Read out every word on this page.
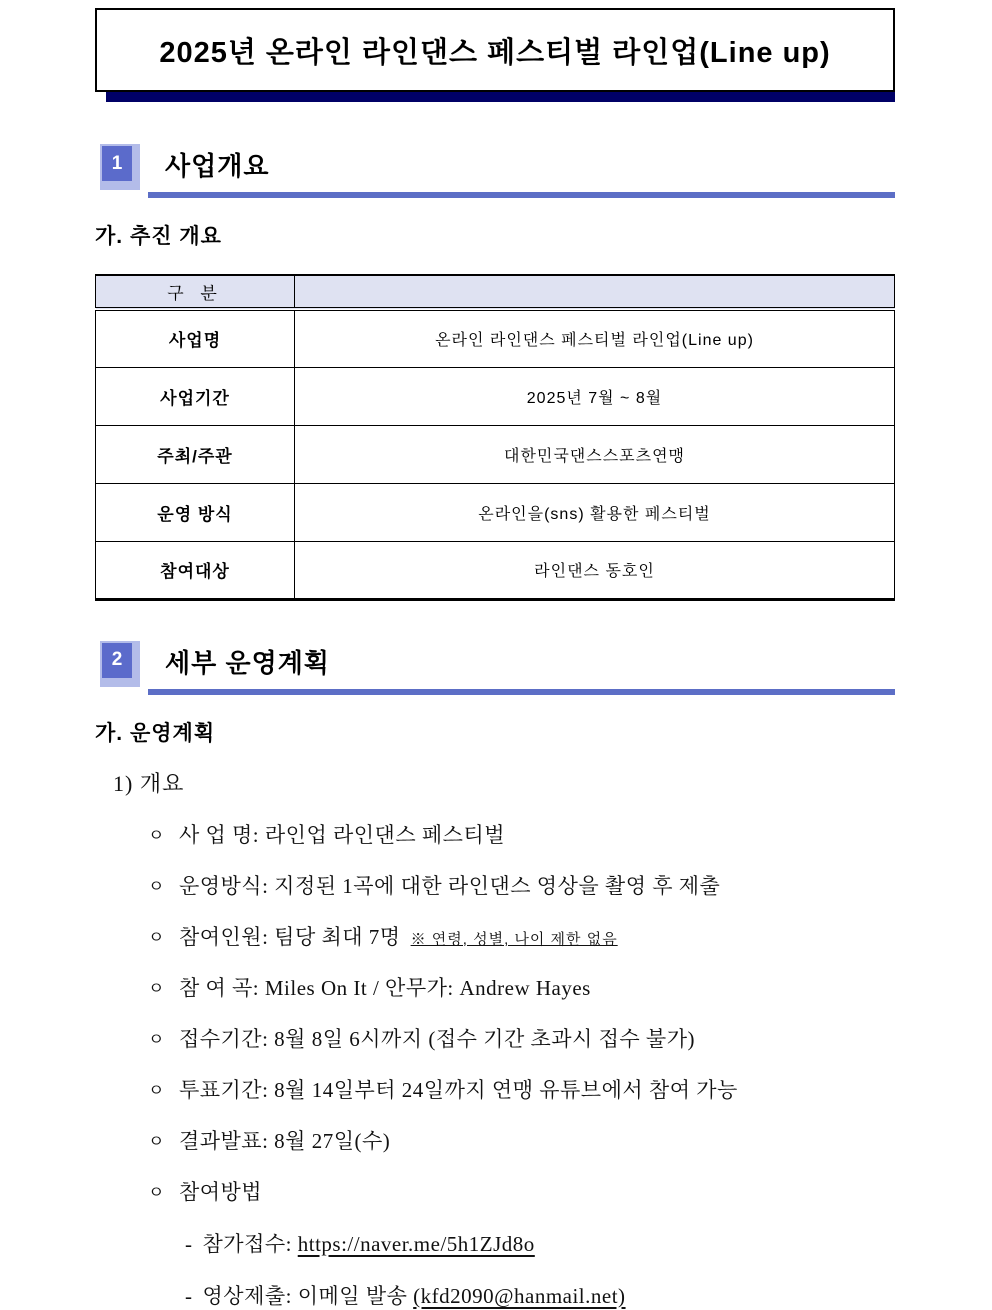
2025년 온라인 라인댄스 페스티벌 라인업(Line up)
1	사업개요
가. 추진 개요
구 분	
사업명	온라인 라인댄스 페스티벌 라인업(Line up)
사업기간	2025년 7월 ~ 8월
주최/주관	대한민국댄스스포츠연맹
운영 방식	온라인을(sns) 활용한 페스티벌
참여대상	라인댄스 동호인
2	세부 운영계획
가. 운영계획
1) 개요
ㅇ 사 업 명: 라인업 라인댄스 페스티벌
ㅇ 운영방식: 지정된 1곡에 대한 라인댄스 영상을 촬영 후 제출
ㅇ 참여인원: 팀당 최대 7명 ※ 연령, 성별, 나이 제한 없음
ㅇ 참 여 곡: Miles On It / 안무가: Andrew Hayes
ㅇ 접수기간: 8월 8일 6시까지 (접수 기간 초과시 접수 불가)
ㅇ 투표기간: 8월 14일부터 24일까지 연맹 유튜브에서 참여 가능
ㅇ 결과발표: 8월 27일(수)
ㅇ 참여방법
- 참가접수: https://naver.me/5h1ZJd8o
- 영상제출: 이메일 발송 (kfd2090@hanmail.net)
